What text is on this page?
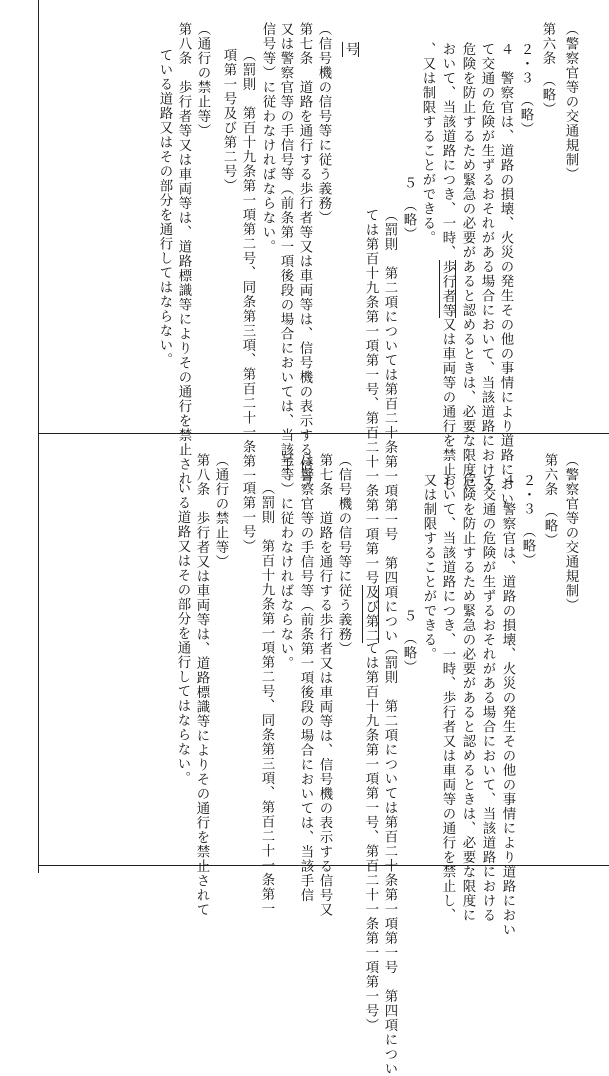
（警察官等の交通規制）
第六条　（略）
２・３　（略）
４　警察官は、道路の損壊、火災の発生その他の事情により道路におい
て交通の危険が生ずるおそれがある場合において、当該道路における
危険を防止するため緊急の必要があると認めるときは、必要な限度に
おいて、当該道路につき、一時、歩行者等又は車両等の通行を禁止し
、又は制限することができる。
５　（略）
（罰則　第二項については第百二十条第一項第一号　第四項につい
ては第百十九条第一項第一号、第百二十一条第一項第一号及び第二
号
（信号機の信号等に従う義務）
第七条　道路を通行する歩行者等又は車両等は、信号機の表示する信号
又は警察官等の手信号等（前条第一項後段の場合においては、当該手
信号等）に従わなければならない。
（罰則　第百十九条第一項第二号、同条第三項、第百二十一条第一
項第一号及び第二号）
（通行の禁止等）
第八条　歩行者等又は車両等は、道路標識等によりその通行を禁止され
ている道路又はその部分を通行してはならない。
（警察官等の交通規制）
第六条　（略）
２・３　（略）
４　警察官は、道路の損壊、火災の発生その他の事情により道路におい
て交通の危険が生ずるおそれがある場合において、当該道路における
危険を防止するため緊急の必要があると認めるときは、必要な限度に
おいて、当該道路につき、一時、歩行者又は車両等の通行を禁止し、
又は制限することができる。
５　（略）
（罰則　第二項については第百二十条第一項第一号　第四項につい
ては第百十九条第一項第一号、第百二十一条第一項第一号）
（信号機の信号等に従う義務）
第七条　道路を通行する歩行者又は車両等は、信号機の表示する信号又
は警察官等の手信号等（前条第一項後段の場合においては、当該手信
号等）に従わなければならない。
（罰則　第百十九条第一項第二号、同条第三項、第百二十一条第一
項第一号）
（通行の禁止等）
第八条　歩行者又は車両等は、道路標識等によりその通行を禁止されて
いる道路又はその部分を通行してはならない。
